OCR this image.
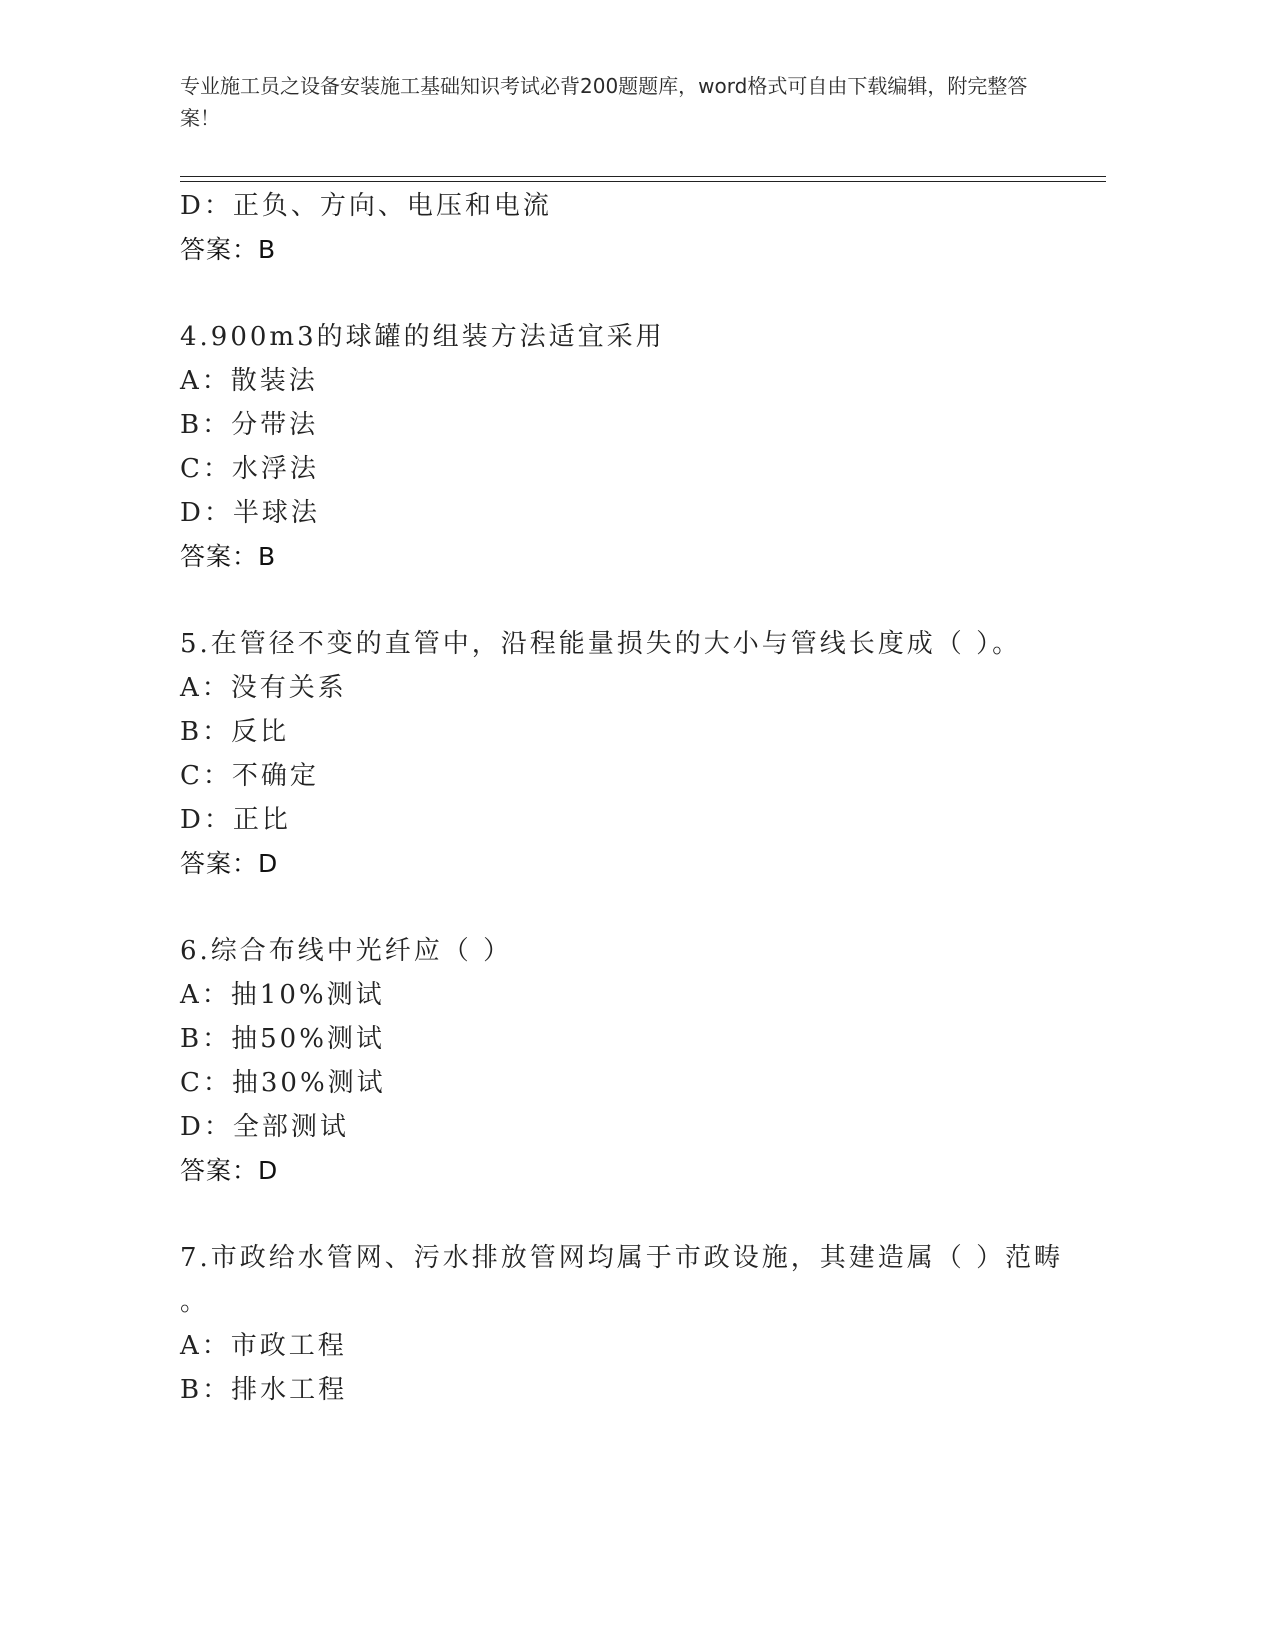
专业施工员之设备安装施工基础知识考试必背200题题库，word格式可自由下载编辑，附完整答案！
D：正负、方向、电压和电流
答案：B
4.900m3的球罐的组装方法适宜采用
A：散装法
B：分带法
C：水浮法
D：半球法
答案：B
5.在管径不变的直管中，沿程能量损失的大小与管线长度成（ ）。
A：没有关系
B：反比
C：不确定
D：正比
答案：D
6.综合布线中光纤应（ ）
A：抽10%测试
B：抽50%测试
C：抽30%测试
D：全部测试
答案：D
7.市政给水管网、污水排放管网均属于市政设施，其建造属（ ）范畴
。
A：市政工程
B：排水工程
